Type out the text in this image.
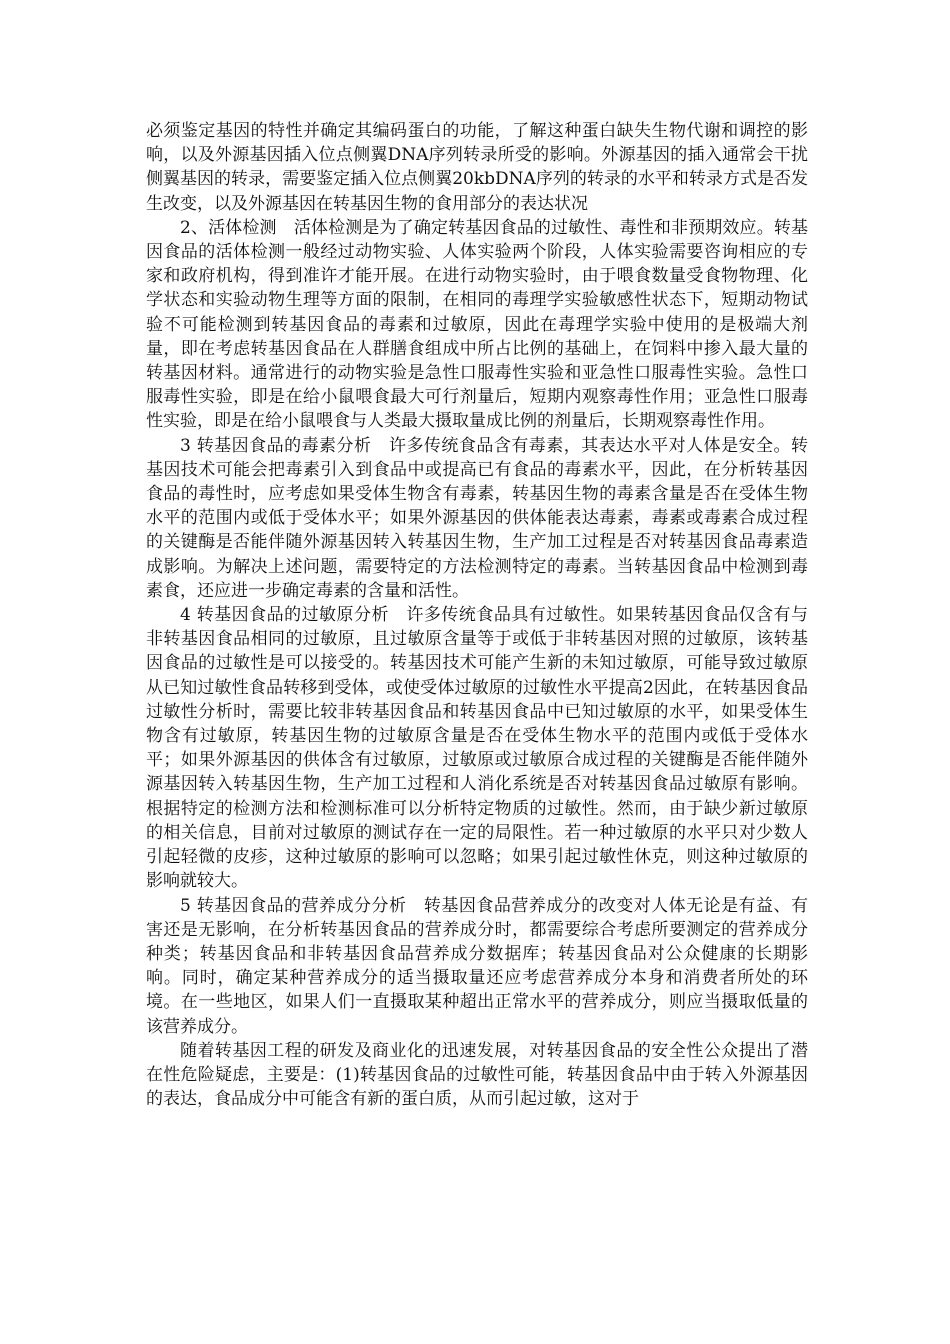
必须鉴定基因的特性并确定其编码蛋白的功能，了解这种蛋白缺失生物代谢和调控的影响，以及外源基因插入位点侧翼DNA序列转录所受的影响。外源基因的插入通常会干扰侧翼基因的转录，需要鉴定插入位点侧翼20kbDNA序列的转录的水平和转录方式是否发生改变，以及外源基因在转基因生物的食用部分的表达状况

2、活体检测　活体检测是为了确定转基因食品的过敏性、毒性和非预期效应。转基因食品的活体检测一般经过动物实验、人体实验两个阶段，人体实验需要咨询相应的专家和政府机构，得到准许才能开展。在进行动物实验时，由于喂食数量受食物物理、化学状态和实验动物生理等方面的限制，在相同的毒理学实验敏感性状态下，短期动物试验不可能检测到转基因食品的毒素和过敏原，因此在毒理学实验中使用的是极端大剂量，即在考虑转基因食品在人群膳食组成中所占比例的基础上，在饲料中掺入最大量的转基因材料。通常进行的动物实验是急性口服毒性实验和亚急性口服毒性实验。急性口服毒性实验，即是在给小鼠喂食最大可行剂量后，短期内观察毒性作用；亚急性口服毒性实验，即是在给小鼠喂食与人类最大摄取量成比例的剂量后，长期观察毒性作用。

3 转基因食品的毒素分析　许多传统食品含有毒素，其表达水平对人体是安全。转基因技术可能会把毒素引入到食品中或提高已有食品的毒素水平，因此，在分析转基因食品的毒性时，应考虑如果受体生物含有毒素，转基因生物的毒素含量是否在受体生物水平的范围内或低于受体水平；如果外源基因的供体能表达毒素，毒素或毒素合成过程的关键酶是否能伴随外源基因转入转基因生物，生产加工过程是否对转基因食品毒素造成影响。为解决上述问题，需要特定的方法检测特定的毒素。当转基因食品中检测到毒素食，还应进一步确定毒素的含量和活性。

4 转基因食品的过敏原分析　许多传统食品具有过敏性。如果转基因食品仅含有与非转基因食品相同的过敏原，且过敏原含量等于或低于非转基因对照的过敏原，该转基因食品的过敏性是可以接受的。转基因技术可能产生新的未知过敏原，可能导致过敏原从已知过敏性食品转移到受体，或使受体过敏原的过敏性水平提高2因此，在转基因食品过敏性分析时，需要比较非转基因食品和转基因食品中已知过敏原的水平，如果受体生物含有过敏原，转基因生物的过敏原含量是否在受体生物水平的范围内或低于受体水平；如果外源基因的供体含有过敏原，过敏原或过敏原合成过程的关键酶是否能伴随外源基因转入转基因生物，生产加工过程和人消化系统是否对转基因食品过敏原有影响。根据特定的检测方法和检测标准可以分析特定物质的过敏性。然而，由于缺少新过敏原的相关信息，目前对过敏原的测试存在一定的局限性。若一种过敏原的水平只对少数人引起轻微的皮疹，这种过敏原的影响可以忽略；如果引起过敏性休克，则这种过敏原的影响就较大。

5 转基因食品的营养成分分析　转基因食品营养成分的改变对人体无论是有益、有害还是无影响，在分析转基因食品的营养成分时，都需要综合考虑所要测定的营养成分种类；转基因食品和非转基因食品营养成分数据库；转基因食品对公众健康的长期影响。同时，确定某种营养成分的适当摄取量还应考虑营养成分本身和消费者所处的环境。在一些地区，如果人们一直摄取某种超出正常水平的营养成分，则应当摄取低量的该营养成分。

随着转基因工程的研发及商业化的迅速发展，对转基因食品的安全性公众提出了潜在性危险疑虑，主要是：(1)转基因食品的过敏性可能，转基因食品中由于转入外源基因的表达，食品成分中可能含有新的蛋白质，从而引起过敏，这对于
